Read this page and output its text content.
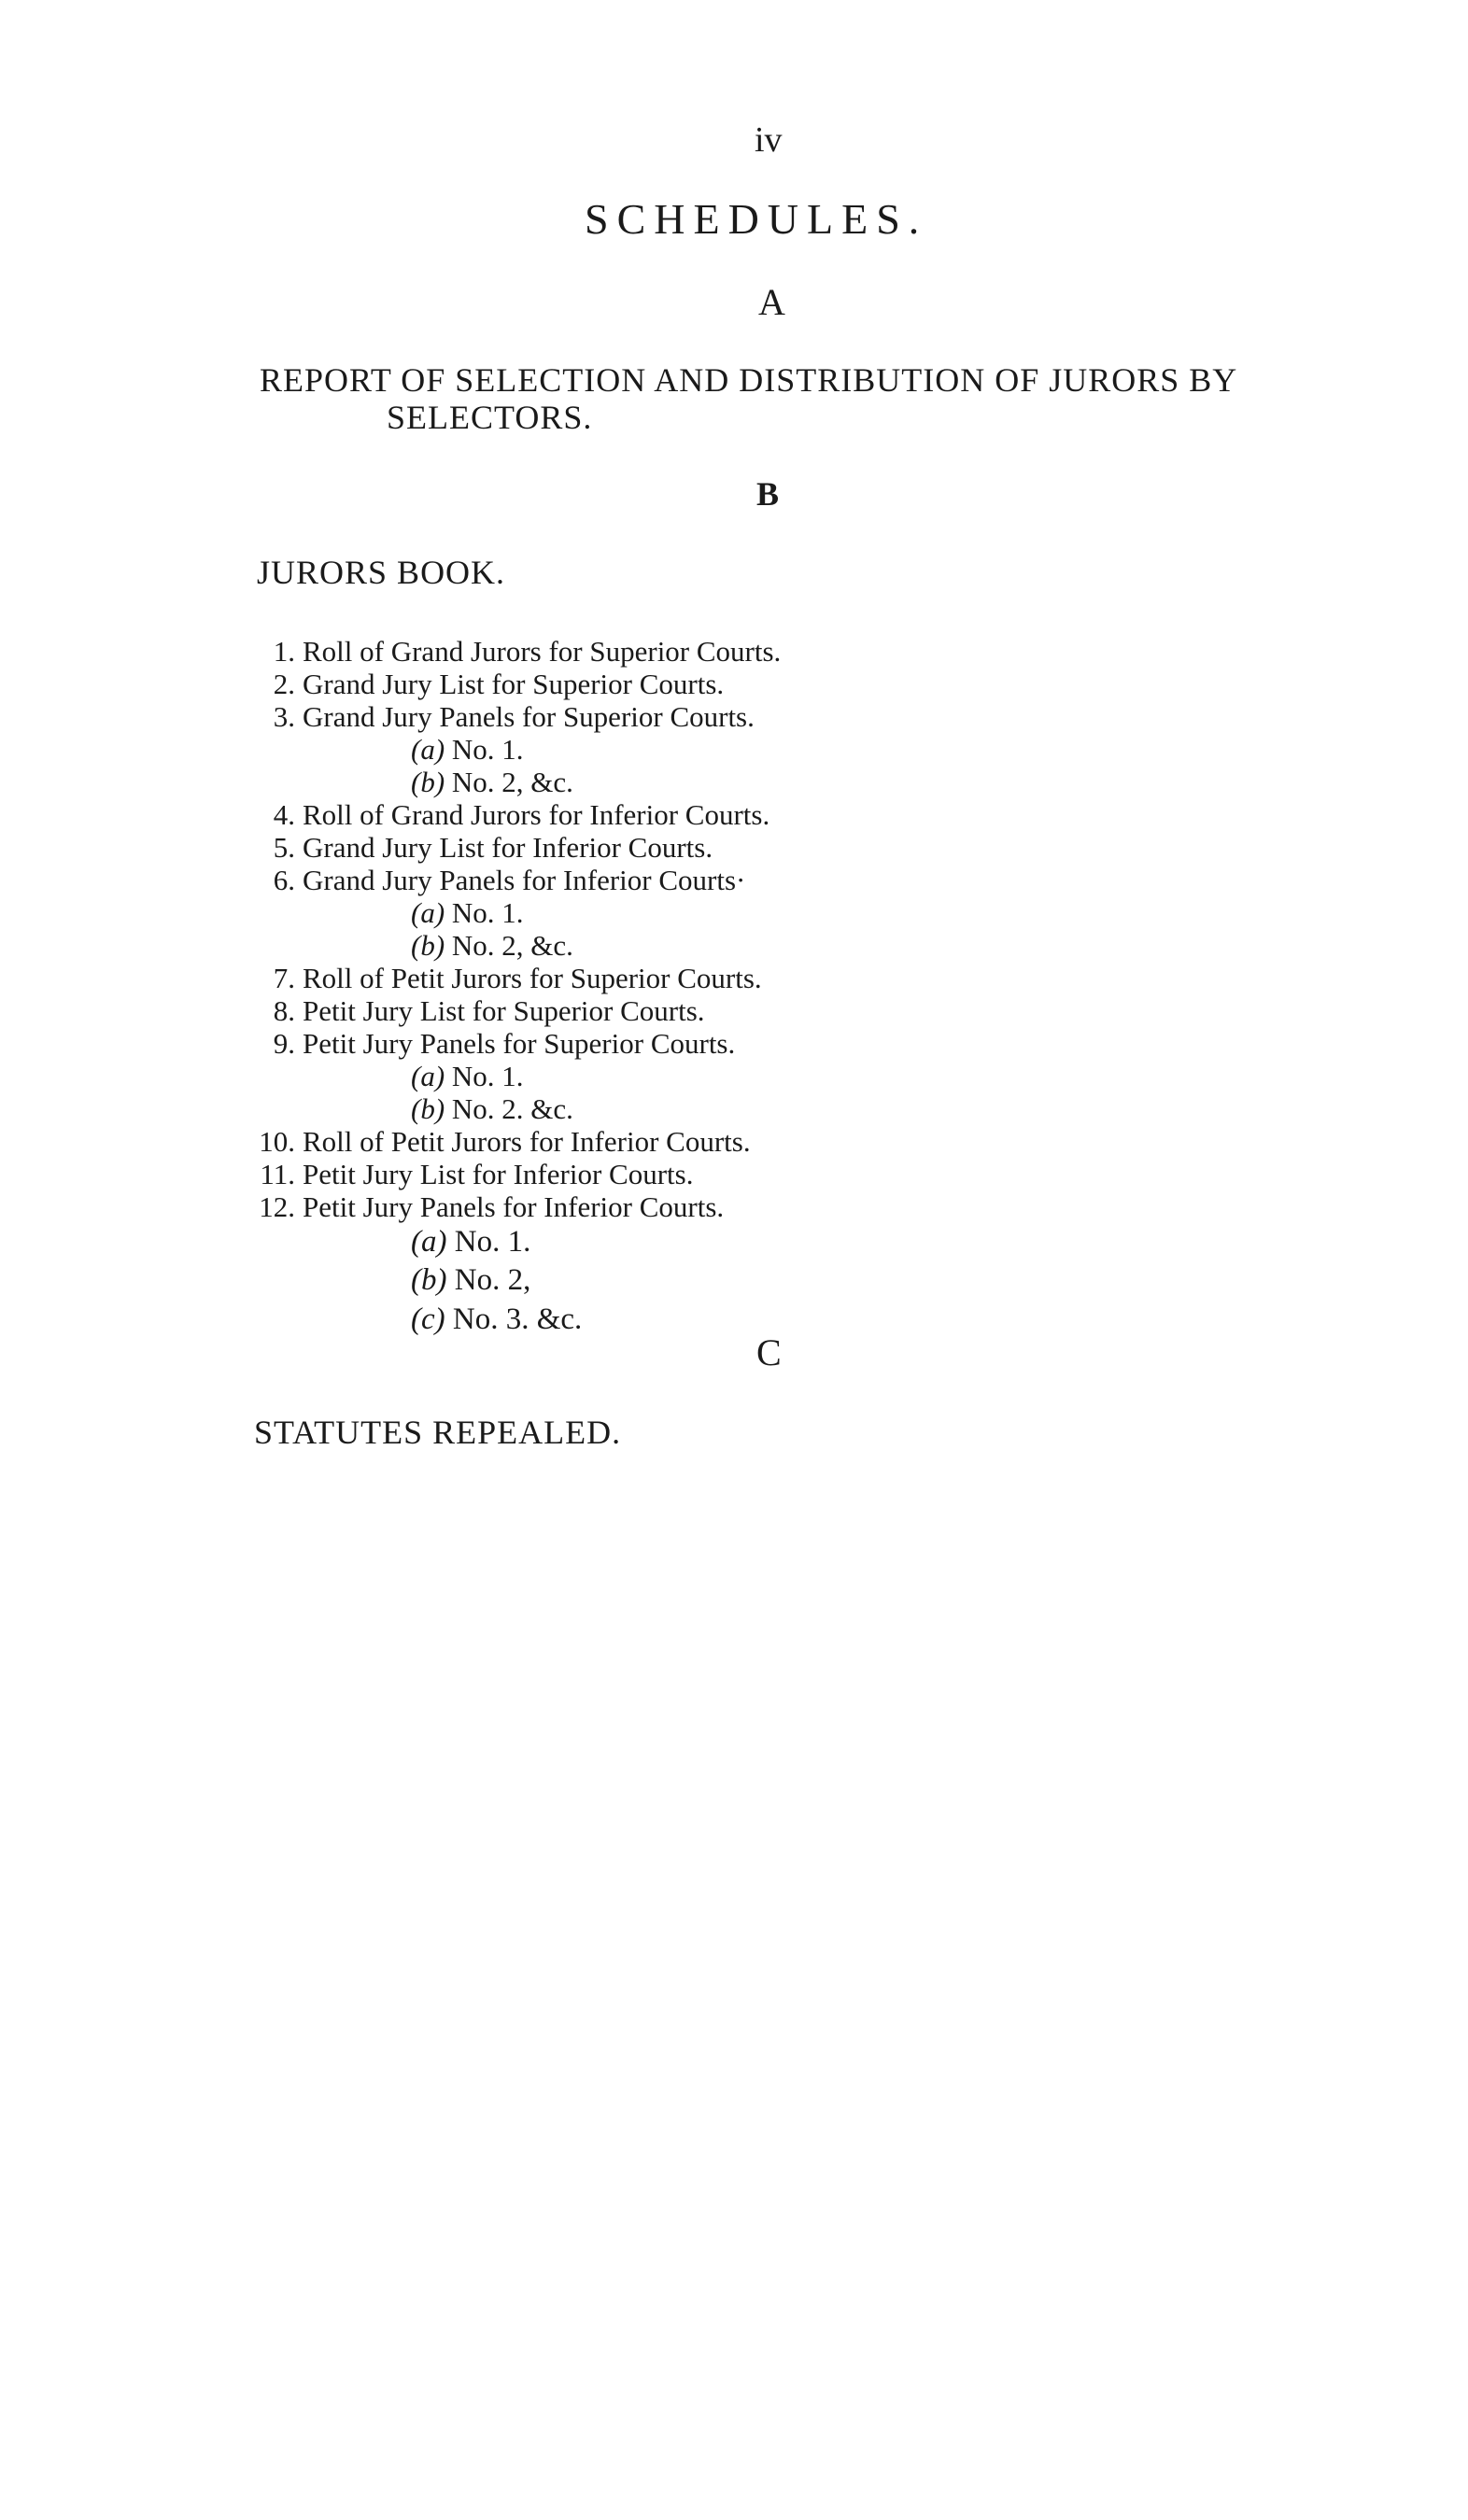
iv
SCHEDULES.
A
REPORT OF SELECTION AND DISTRIBUTION OF JURORS BY
SELECTORS.
B
JURORS BOOK.
1. Roll of Grand Jurors for Superior Courts.
2. Grand Jury List for Superior Courts.
3. Grand Jury Panels for Superior Courts.
(a) No. 1.
(b) No. 2, &c.
4. Roll of Grand Jurors for Inferior Courts.
5. Grand Jury List for Inferior Courts.
6. Grand Jury Panels for Inferior Courts·
(a) No. 1.
(b) No. 2, &c.
7. Roll of Petit Jurors for Superior Courts.
8. Petit Jury List for Superior Courts.
9. Petit Jury Panels for Superior Courts.
(a) No. 1.
(b) No. 2. &c.
10. Roll of Petit Jurors for Inferior Courts.
11. Petit Jury List for Inferior Courts.
12. Petit Jury Panels for Inferior Courts.
(a) No. 1.
(b) No. 2,
(c) No. 3. &c.
C
STATUTES REPEALED.
